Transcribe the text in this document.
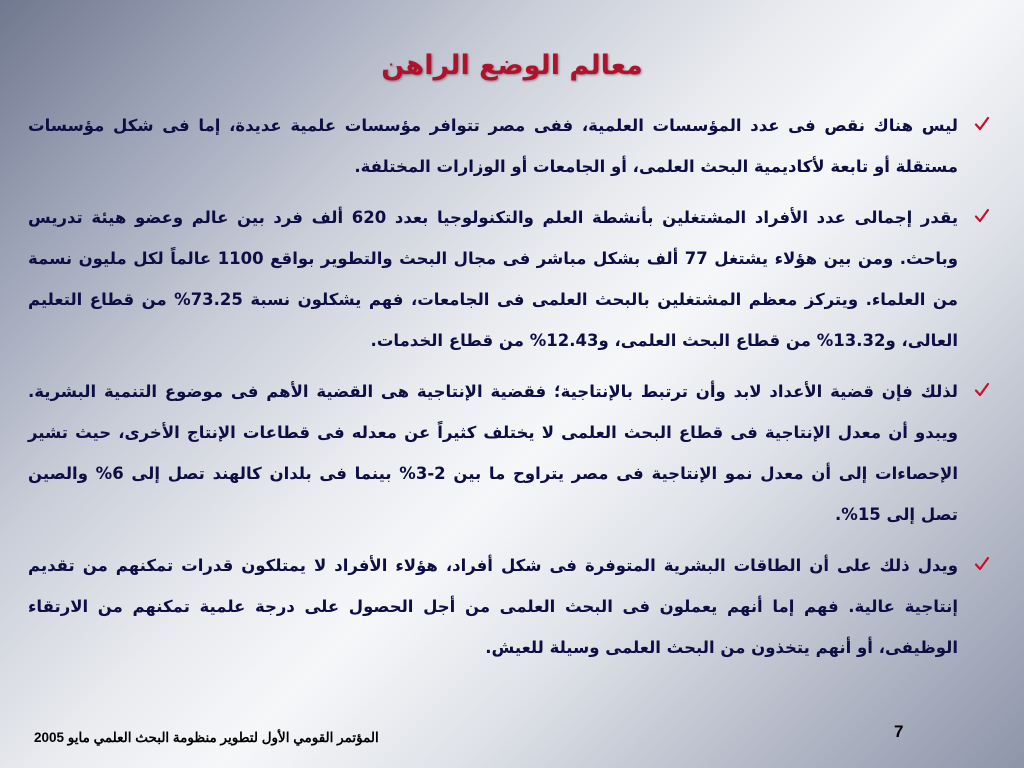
معالم الوضع الراهن
ليس هناك نقص فى عدد المؤسسات العلمية، ففى مصر تتوافر مؤسسات علمية عديدة، إما فى شكل مؤسسات مستقلة أو تابعة لأكاديمية البحث العلمى، أو الجامعات أو الوزارات المختلفة.
يقدر إجمالى عدد الأفراد المشتغلين بأنشطة العلم والتكنولوجيا بعدد 620 ألف فرد بين عالم وعضو هيئة تدريس وباحث. ومن بين هؤلاء يشتغل 77 ألف بشكل مباشر فى مجال البحث والتطوير بواقع 1100 عالماً لكل مليون نسمة من العلماء. ويتركز معظم المشتغلين بالبحث العلمى فى الجامعات، فهم يشكلون نسبة 73.25% من قطاع التعليم العالى، و13.32% من قطاع البحث العلمى، و12.43% من قطاع الخدمات.
لذلك فإن قضية الأعداد لابد وأن ترتبط بالإنتاجية؛ فقضية الإنتاجية هى القضية الأهم فى موضوع التنمية البشرية. ويبدو أن معدل الإنتاجية فى قطاع البحث العلمى لا يختلف كثيراً عن معدله فى قطاعات الإنتاج الأخرى، حيث تشير الإحصاءات إلى أن معدل نمو الإنتاجية فى مصر يتراوح ما بين 2-3% بينما فى بلدان كالهند تصل إلى 6% والصين تصل إلى 15%.
ويدل ذلك على أن الطاقات البشرية المتوفرة فى شكل أفراد، هؤلاء الأفراد لا يمتلكون قدرات تمكنهم من تقديم إنتاجية عالية. فهم إما أنهم يعملون فى البحث العلمى من أجل الحصول على درجة علمية تمكنهم من الارتقاء الوظيفى، أو أنهم يتخذون من البحث العلمى وسيلة للعيش.
المؤتمر القومي الأول لتطوير منظومة البحث العلمي مايو 2005	7
